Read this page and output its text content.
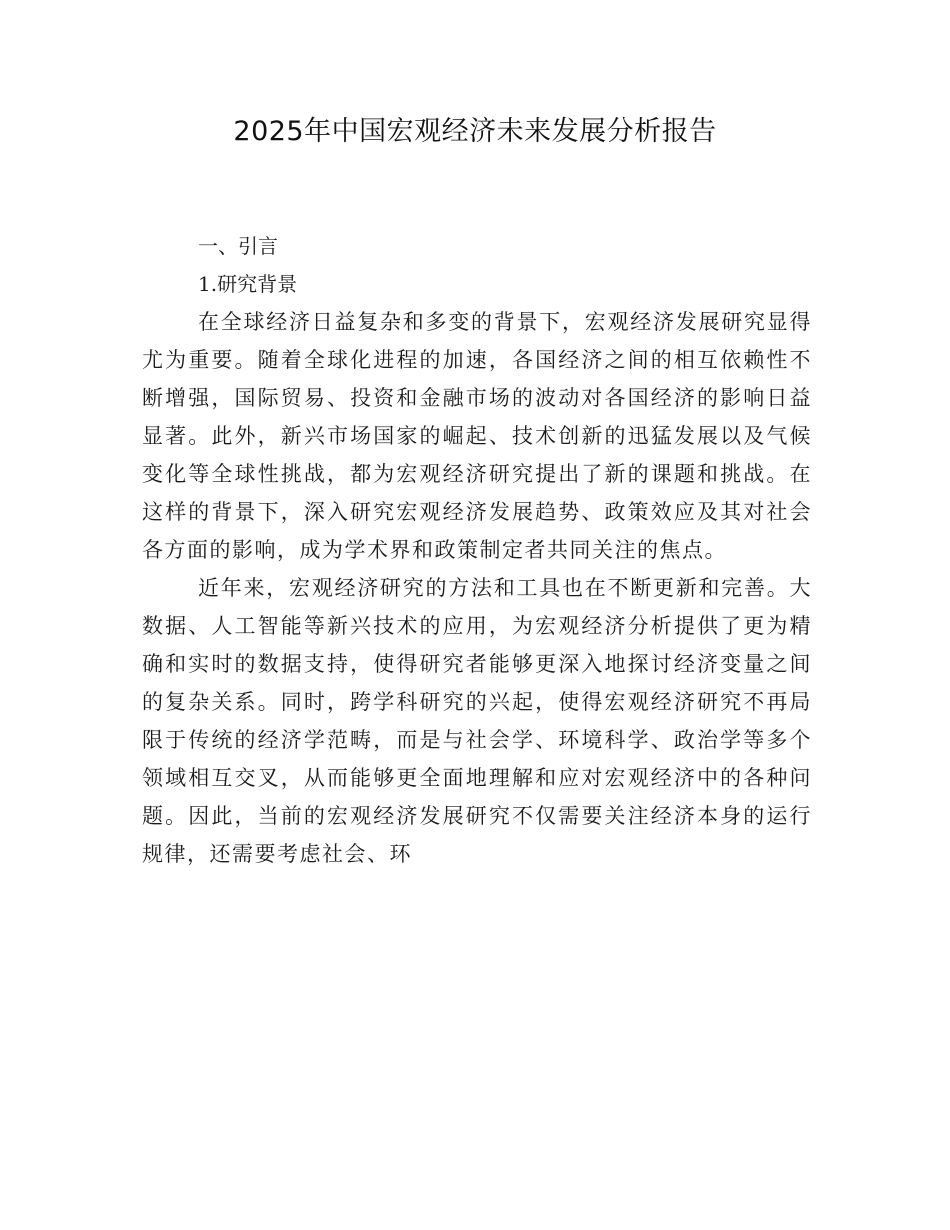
2025年中国宏观经济未来发展分析报告
一、引言
1.研究背景

在全球经济日益复杂和多变的背景下，宏观经济发展研究显得尤为重要。随着全球化进程的加速，各国经济之间的相互依赖性不断增强，国际贸易、投资和金融市场的波动对各国经济的影响日益显著。此外，新兴市场国家的崛起、技术创新的迅猛发展以及气候变化等全球性挑战，都为宏观经济研究提出了新的课题和挑战。在这样的背景下，深入研究宏观经济发展趋势、政策效应及其对社会各方面的影响，成为学术界和政策制定者共同关注的焦点。

近年来，宏观经济研究的方法和工具也在不断更新和完善。大数据、人工智能等新兴技术的应用，为宏观经济分析提供了更为精确和实时的数据支持，使得研究者能够更深入地探讨经济变量之间的复杂关系。同时，跨学科研究的兴起，使得宏观经济研究不再局限于传统的经济学范畴，而是与社会学、环境科学、政治学等多个领域相互交叉，从而能够更全面地理解和应对宏观经济中的各种问题。因此，当前的宏观经济发展研究不仅需要关注经济本身的运行规律，还需要考虑社会、环
